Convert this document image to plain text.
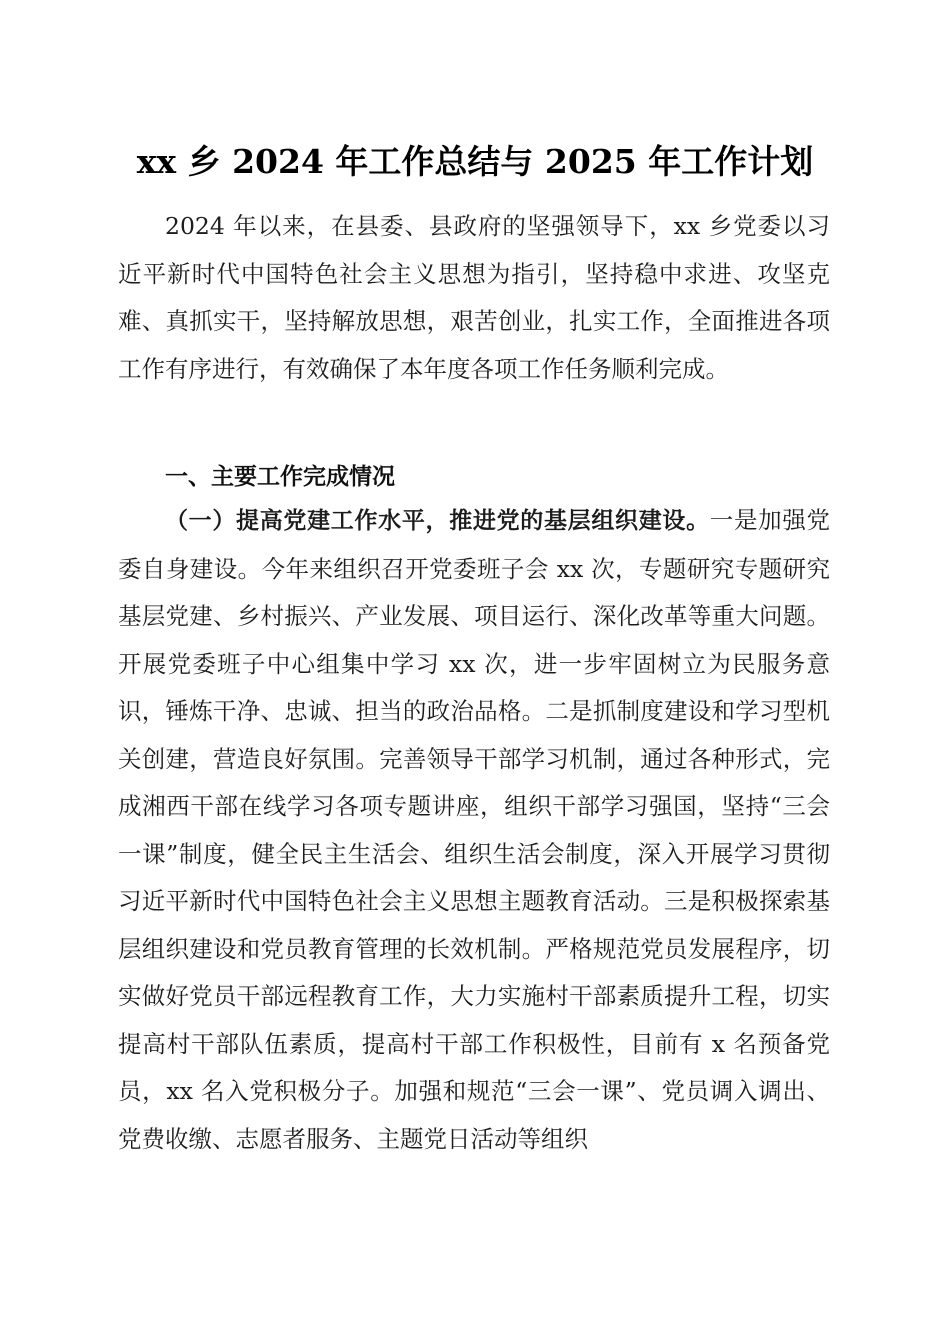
xx 乡 2024 年工作总结与 2025 年工作计划

2024 年以来，在县委、县政府的坚强领导下，xx 乡党委以习近平新时代中国特色社会主义思想为指引，坚持稳中求进、攻坚克难、真抓实干，坚持解放思想，艰苦创业，扎实工作，全面推进各项工作有序进行，有效确保了本年度各项工作任务顺利完成。

一、主要工作完成情况

（一）提高党建工作水平，推进党的基层组织建设。一是加强党委自身建设。今年来组织召开党委班子会 xx 次，专题研究专题研究基层党建、乡村振兴、产业发展、项目运行、深化改革等重大问题。开展党委班子中心组集中学习 xx 次，进一步牢固树立为民服务意识，锤炼干净、忠诚、担当的政治品格。二是抓制度建设和学习型机关创建，营造良好氛围。完善领导干部学习机制，通过各种形式，完成湘西干部在线学习各项专题讲座，组织干部学习强国，坚持“三会一课”制度，健全民主生活会、组织生活会制度，深入开展学习贯彻习近平新时代中国特色社会主义思想主题教育活动。三是积极探索基层组织建设和党员教育管理的长效机制。严格规范党员发展程序，切实做好党员干部远程教育工作，大力实施村干部素质提升工程，切实提高村干部队伍素质，提高村干部工作积极性，目前有 x 名预备党员，xx 名入党积极分子。加强和规范“三会一课”、党员调入调出、党费收缴、志愿者服务、主题党日活动等组织
